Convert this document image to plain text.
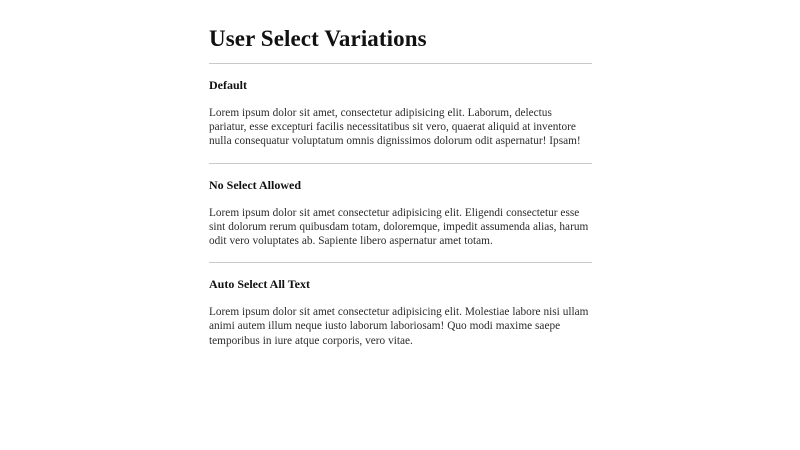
User Select Variations
Default

Lorem ipsum dolor sit amet, consectetur adipisicing elit. Laborum, delectus pariatur, esse excepturi facilis necessitatibus sit vero, quaerat aliquid at inventore nulla consequatur voluptatum omnis dignissimos dolorum odit aspernatur! Ipsam!

No Select Allowed

Lorem ipsum dolor sit amet consectetur adipisicing elit. Eligendi consectetur esse sint dolorum rerum quibusdam totam, doloremque, impedit assumenda alias, harum odit vero voluptates ab. Sapiente libero aspernatur amet totam.

Auto Select All Text

Lorem ipsum dolor sit amet consectetur adipisicing elit. Molestiae labore nisi ullam animi autem illum neque iusto laborum laboriosam! Quo modi maxime saepe temporibus in iure atque corporis, vero vitae.
